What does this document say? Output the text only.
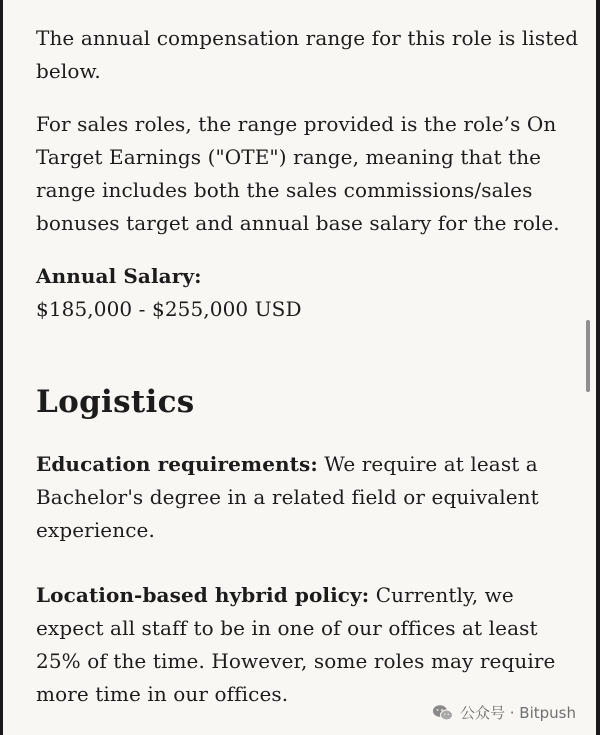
The annual compensation range for this role is listed below.

For sales roles, the range provided is the role’s On Target Earnings ("OTE") range, meaning that the range includes both the sales commissions/sales bonuses target and annual base salary for the role.

Annual Salary:
$185,000 - $255,000 USD
Logistics

Education requirements: We require at least a Bachelor's degree in a related field or equivalent experience.

Location-based hybrid policy: Currently, we expect all staff to be in one of our offices at least 25% of the time. However, some roles may require more time in our offices.

公众号 · Bitpush
